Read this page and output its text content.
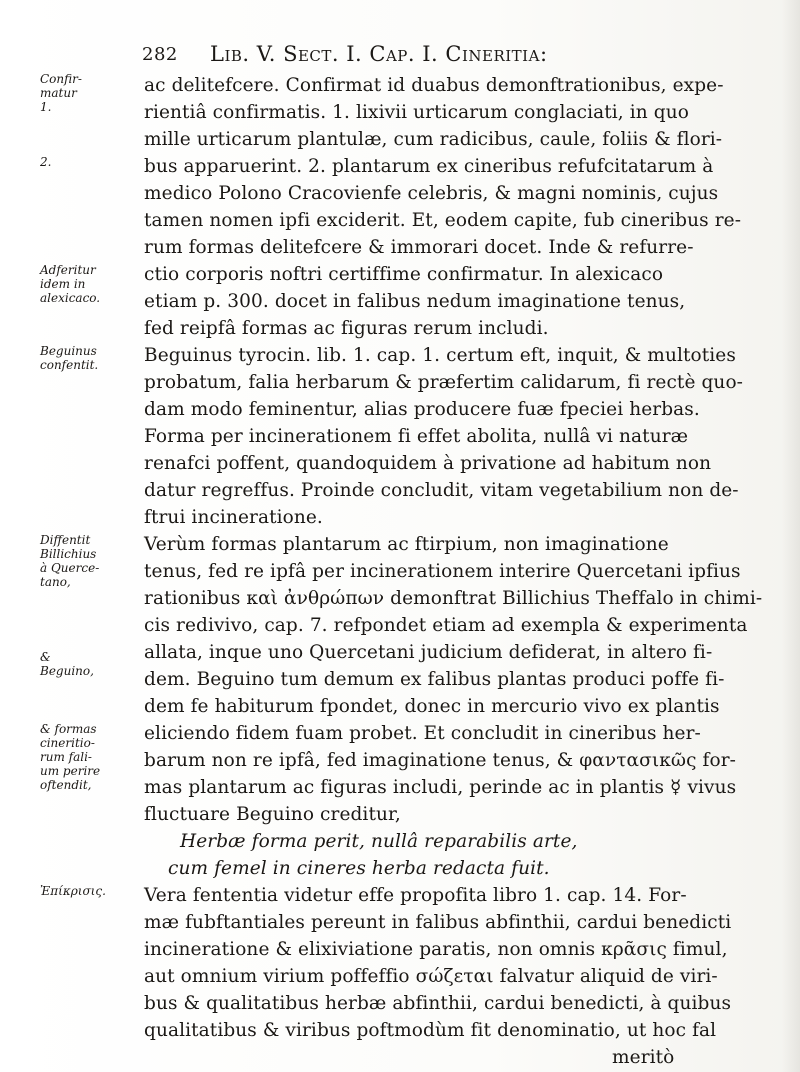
282 Lib. V. Sect. I. Cap. I. Cineritia:
Confir-
matur
1.
2.
Adferitur
idem in
alexicaco.
Beguinus
confentit.
Diffentit
Billichius
à Querce-
tano,
&
Beguino,
& formas
cineritio-
rum fali-
um perire
oftendit,
Ἐπίκρισις.
ac delitefcere. Confirmat id duabus demonftrationibus, expe-
rientiâ confirmatis. 1. lixivii urticarum conglaciati, in quo
mille urticarum plantulæ, cum radicibus, caule, foliis & flori-
bus apparuerint. 2. plantarum ex cineribus refufcitatarum à
medico Polono Cracovienfe celebris, & magni nominis, cujus
tamen nomen ipfi exciderit. Et, eodem capite, fub cineribus re-
rum formas delitefcere & immorari docet. Inde & refurre-
ctio corporis noftri certiffime confirmatur. In alexicaco
etiam p. 300. docet in falibus nedum imaginatione tenus,
fed reipfâ formas ac figuras rerum includi.
Beguinus tyrocin. lib. 1. cap. 1. certum eft, inquit, & multoties
probatum, falia herbarum & præfertim calidarum, fi rectè quo-
dam modo feminentur, alias producere fuæ fpeciei herbas.
Forma per incinerationem fi effet abolita, nullâ vi naturæ
renafci poffent, quandoquidem à privatione ad habitum non
datur regreffus. Proinde concludit, vitam vegetabilium non de-
ftrui incineratione.
Verùm formas plantarum ac ftirpium, non imaginatione
tenus, fed re ipfâ per incinerationem interire Quercetani ipfius
rationibus καὶ ἀνθρώπων demonftrat Billichius Theffalo in chimi-
cis redivivo, cap. 7. refpondet etiam ad exempla & experimenta
allata, inque uno Quercetani judicium defiderat, in altero fi-
dem. Beguino tum demum ex falibus plantas produci poffe fi-
dem fe habiturum fpondet, donec in mercurio vivo ex plantis
eliciendo fidem fuam probet. Et concludit in cineribus her-
barum non re ipfâ, fed imaginatione tenus, & φαντασικῶς for-
mas plantarum ac figuras includi, perinde ac in plantis ☿ vivus
fluctuare Beguino creditur,
Herbæ forma perit, nullâ reparabilis arte,
cum femel in cineres herba redacta fuit.
Vera fententia videtur effe propofita libro 1. cap. 14. For-
mæ fubftantiales pereunt in falibus abfinthii, cardui benedicti
incineratione & elixiviatione paratis, non omnis κρᾶσις fimul,
aut omnium virium poffeffio σώζεται falvatur aliquid de viri-
bus & qualitatibus herbæ abfinthii, cardui benedicti, à quibus
qualitatibus & viribus poftmodùm fit denominatio, ut hoc fal
meritò
